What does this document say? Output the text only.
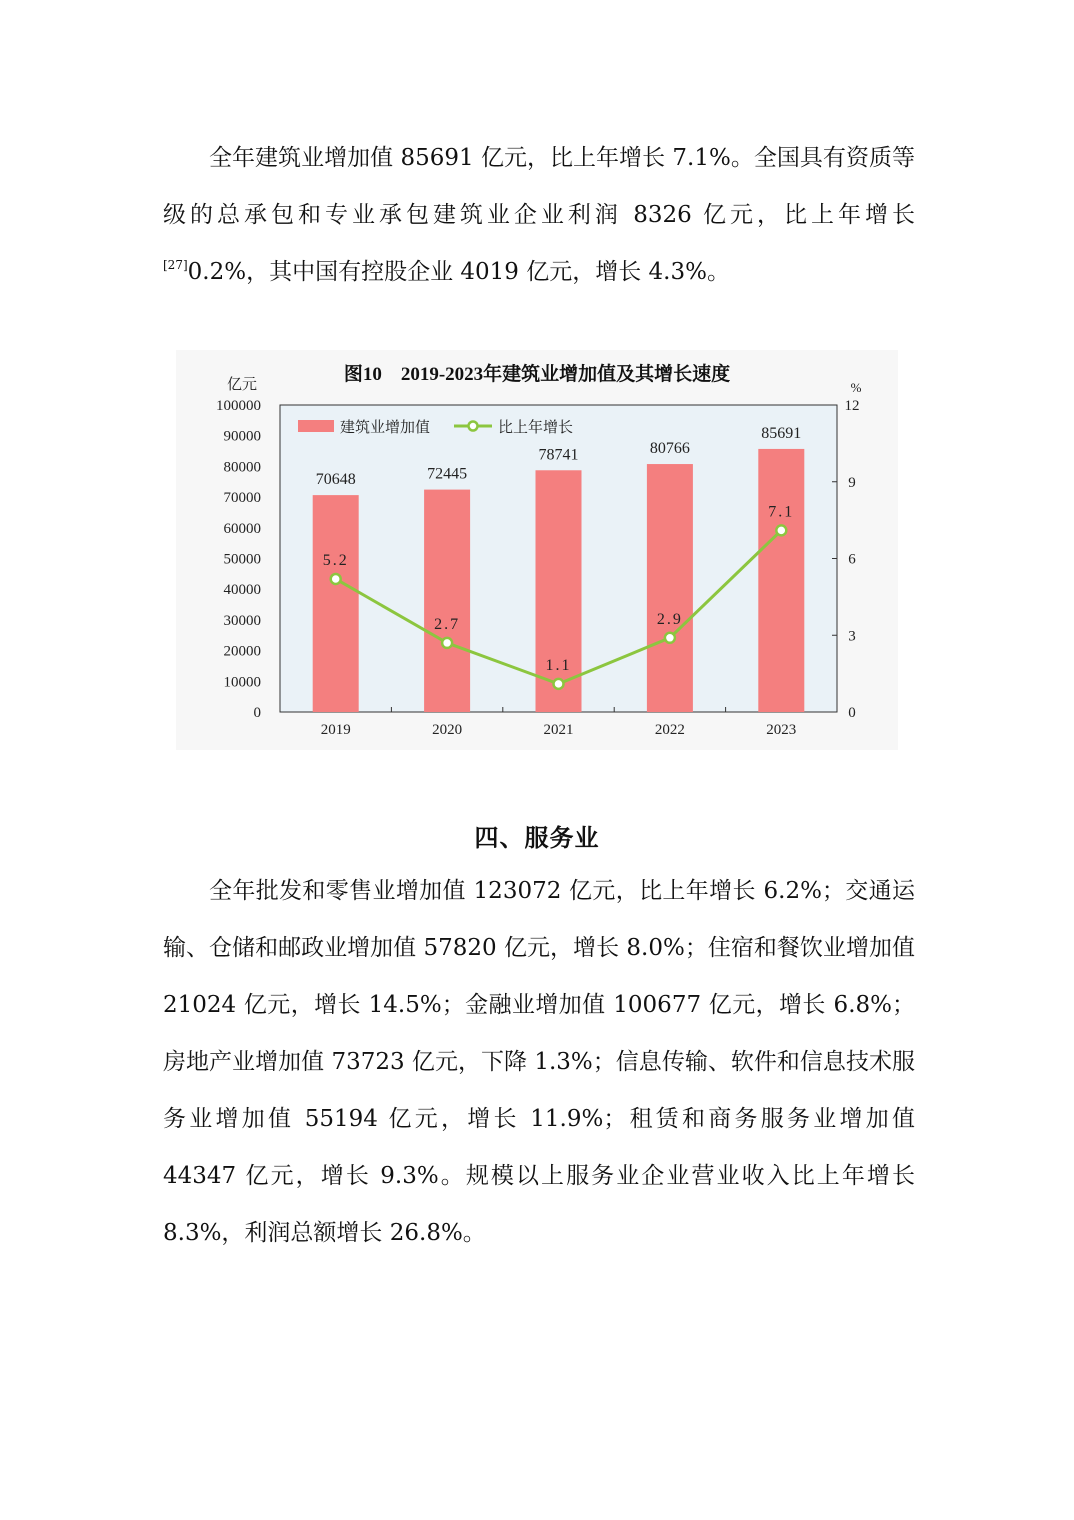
全年建筑业增加值 85691 亿元，比上年增长 7.1%。全国具有资质等级的总承包和专业承包建筑业企业利润 8326 亿元，比上年增长[27]0.2%，其中国有控股企业 4019 亿元，增长 4.3%。

图10　2019-2023年建筑业增加值及其增长速度
亿元	%
0
10000
20000
30000
40000
50000
60000
70000
80000
90000
100000
0
3
6
9
12
70648	72445
78741	80766
85691
2019	2020	2021	2022	2023
5.2
2.7
1.1
2.9
7.1
建筑业增加值	比上年增长
四、服务业

全年批发和零售业增加值 123072 亿元，比上年增长 6.2%；交通运输、仓储和邮政业增加值 57820 亿元，增长 8.0%；住宿和餐饮业增加值 21024 亿元，增长 14.5%；金融业增加值 100677 亿元，增长 6.8%；房地产业增加值 73723 亿元，下降 1.3%；信息传输、软件和信息技术服务业增加值 55194 亿元，增长 11.9%；租赁和商务服务业增加值 44347 亿元，增长 9.3%。规模以上服务业企业营业收入比上年增长 8.3%，利润总额增长 26.8%。
